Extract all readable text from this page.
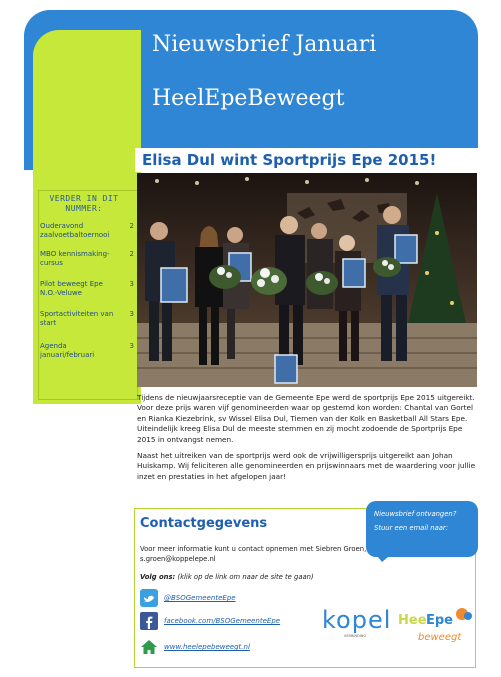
Nieuwsbrief Januari
HeelEpeBeweegt
VERDER IN DIT NUMMER:
Ouderavond zaalvoetbaltoernooi
2
MBO kennismaking-cursus
2
Pilot beweegt Epe N.O.-Veluwe
3
Sportactiviteiten van start
3
Agenda januari/februari
3
Elisa Dul wint Sportprijs Epe 2015!

Tijdens de nieuwjaarsreceptie van de Gemeente Epe werd de sportprijs Epe 2015 uitgereikt. Voor deze prijs waren vijf genomineerden waar op gestemd kon worden: Chantal van Gortel en Rianka Kiezebrink, sv Wissel Elisa Dul, Tiemen van der Kolk en Basketball All Stars Epe. Uiteindelijk kreeg Elisa Dul de meeste stemmen en zij mocht zodoende de Sportprijs Epe 2015 in ontvangst nemen.

Naast het uitreiken van de sportprijs werd ook de vrijwilligersprijs uitgereikt aan Johan Huiskamp. Wij feliciteren alle genomineerden en prijswinnaars met de waardering voor jullie inzet en prestaties in het afgelopen jaar!

Contactgegevens
Voor meer informatie kunt u contact opnemen met Siebren Groen, s.groen@koppelepe.nl
Volg ons: (klik op de link om naar de site te gaan)
@BSOGemeenteEpe
facebook.com/BSOGemeenteEpe
www.heelepebeweegt.nl
Nieuwsbrief ontvangen?
Stuur een email naar:
kopel
VERBINDING
Heel
Epe
beweegt
